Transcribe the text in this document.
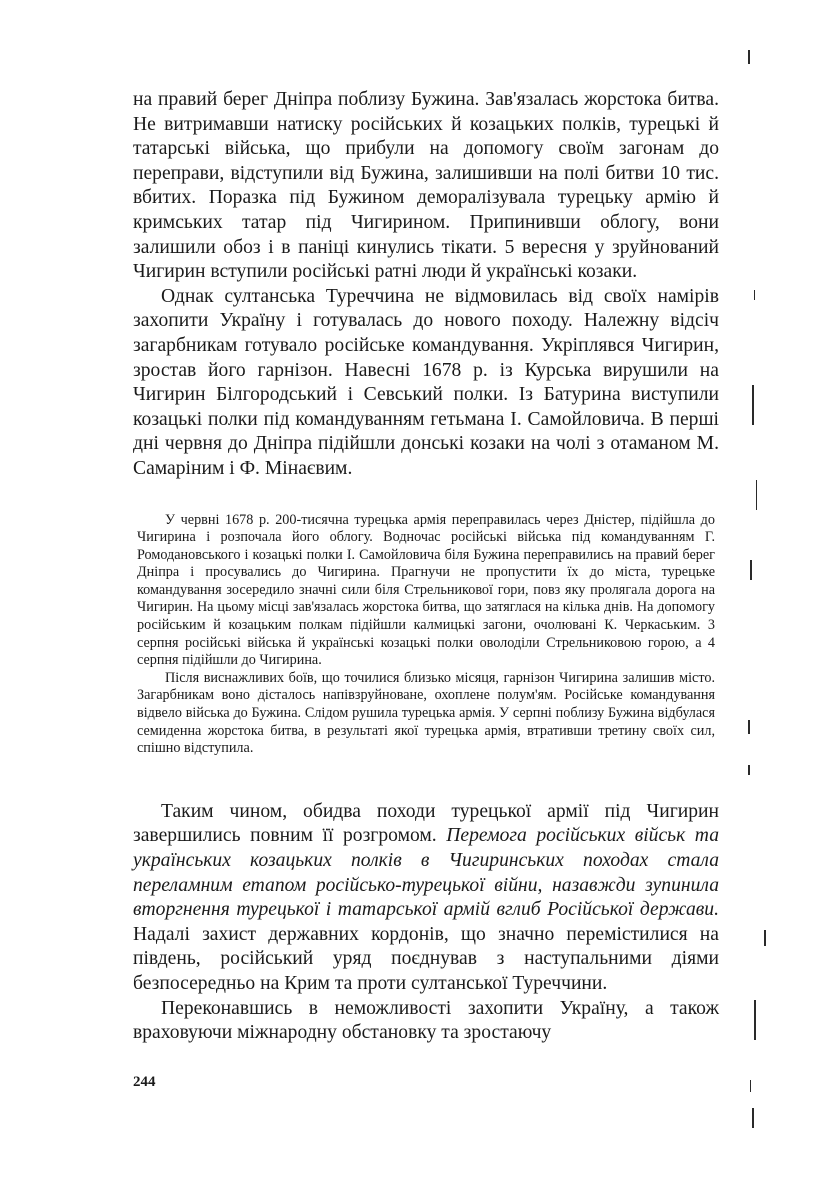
на правий берег Дніпра поблизу Бужина. Зав'язалась жорстока битва. Не витримавши натиску російських й козацьких полків, турецькі й татарські війська, що прибули на допомогу своїм загонам до переправи, відступили від Бужина, залишивши на полі битви 10 тис. вбитих. Поразка під Бужином деморалізувала турецьку армію й кримських татар під Чигирином. Припинивши облогу, вони залишили обоз і в паніці кинулись тікати. 5 вересня у зруйнований Чигирин вступили російські ратні люди й українські козаки.

Однак султанська Туреччина не відмовилась від своїх намірів захопити Україну і готувалась до нового походу. Належну відсіч загарбникам готувало російське командування. Укріплявся Чигирин, зростав його гарнізон. Навесні 1678 р. із Курська вирушили на Чигирин Білгородський і Севський полки. Із Батурина виступили козацькі полки під командуванням гетьмана І. Самойловича. В перші дні червня до Дніпра підійшли донські козаки на чолі з отаманом М. Самаріним і Ф. Мінаєвим.

У червні 1678 р. 200-тисячна турецька армія переправилась через Дністер, підійшла до Чигирина і розпочала його облогу. Водночас російські війська під командуванням Г. Ромодановського і козацькі полки І. Самойловича біля Бужина переправились на правий берег Дніпра і просувались до Чигирина. Прагнучи не пропустити їх до міста, турецьке командування зосередило значні сили біля Стрельникової гори, повз яку пролягала дорога на Чигирин. На цьому місці зав'язалась жорстока битва, що затяглася на кілька днів. На допомогу російським й козацьким полкам підійшли калмицькі загони, очолювані К. Черкаським. 3 серпня російські війська й українські козацькі полки оволоділи Стрельниковою горою, а 4 серпня підійшли до Чигирина.

Після виснажливих боїв, що точилися близько місяця, гарнізон Чигирина залишив місто. Загарбникам воно дісталось напівзруйноване, охоплене полум'ям. Російське командування відвело війська до Бужина. Слідом рушила турецька армія. У серпні поблизу Бужина відбулася семиденна жорстока битва, в результаті якої турецька армія, втративши третину своїх сил, спішно відступила.

Таким чином, обидва походи турецької армії під Чигирин завершились повним її розгромом. Перемога російських військ та українських козацьких полків в Чигиринських походах стала переламним етапом російсько-турецької війни, назавжди зупинила вторгнення турецької і татарської армій вглиб Російської держави. Надалі захист державних кордонів, що значно перемістилися на південь, російський уряд поєднував з наступальними діями безпосередньо на Крим та проти султанської Туреччини.

Переконавшись в неможливості захопити Україну, а також враховуючи міжнародну обстановку та зростаючу

244
